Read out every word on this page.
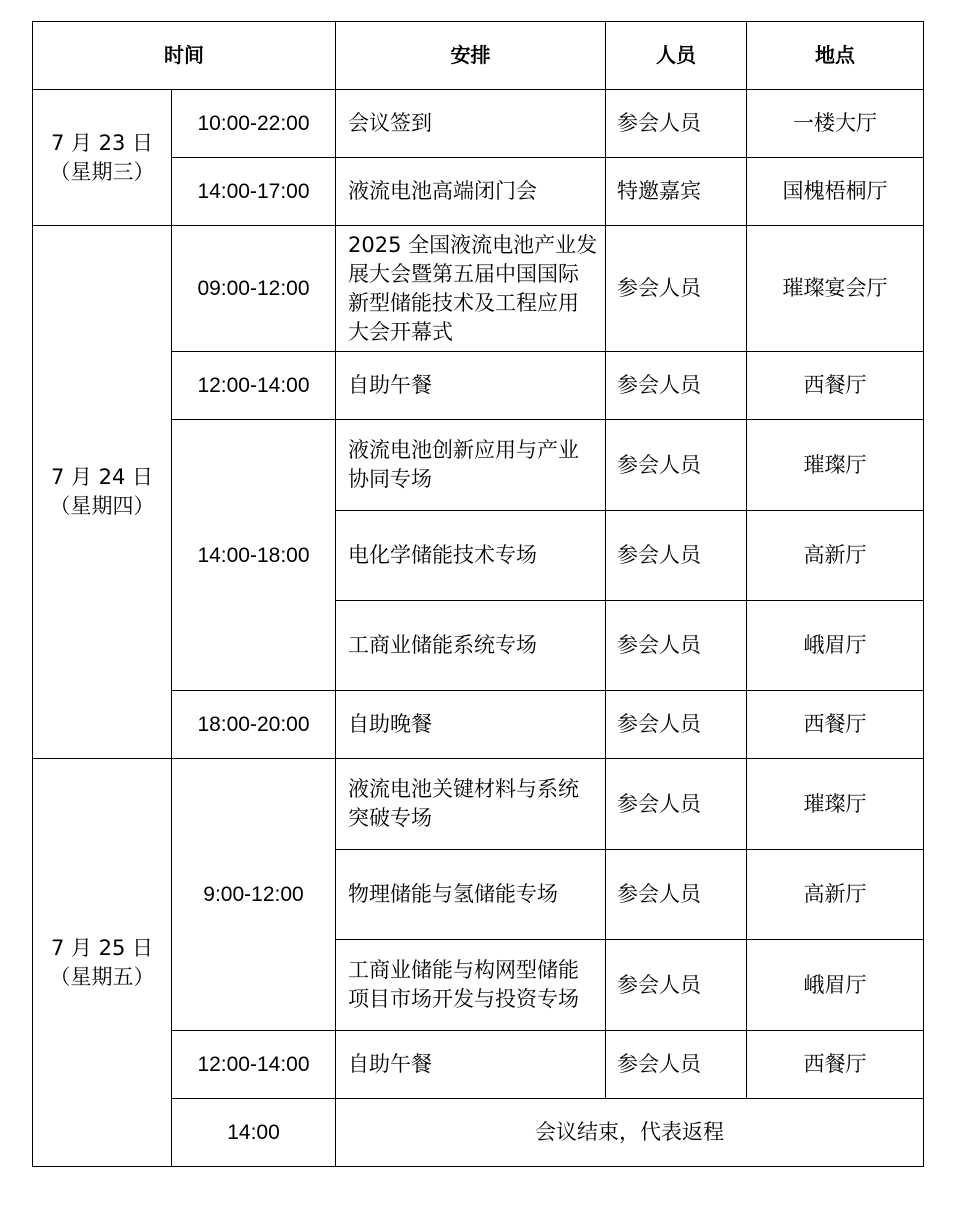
时间		安排	人员	地点

7 月 23 日
（星期三）	10:00-22:00	会议签到	参会人员	一楼大厅
	14:00-17:00	液流电池高端闭门会	特邀嘉宾	国槐梧桐厅

7 月 24 日
（星期四）	09:00-12:00	2025 全国液流电池产业发展大会暨第五届中国国际新型储能技术及工程应用大会开幕式	参会人员	璀璨宴会厅
	12:00-14:00	自助午餐	参会人员	西餐厅
	14:00-18:00	液流电池创新应用与产业协同专场	参会人员	璀璨厅
		电化学储能技术专场	参会人员	高新厅
		工商业储能系统专场	参会人员	峨眉厅
	18:00-20:00	自助晚餐	参会人员	西餐厅

7 月 25 日
（星期五）	9:00-12:00	液流电池关键材料与系统突破专场	参会人员	璀璨厅
		物理储能与氢储能专场	参会人员	高新厅
		工商业储能与构网型储能项目市场开发与投资专场	参会人员	峨眉厅
	12:00-14:00	自助午餐	参会人员	西餐厅
	14:00	会议结束，代表返程		
